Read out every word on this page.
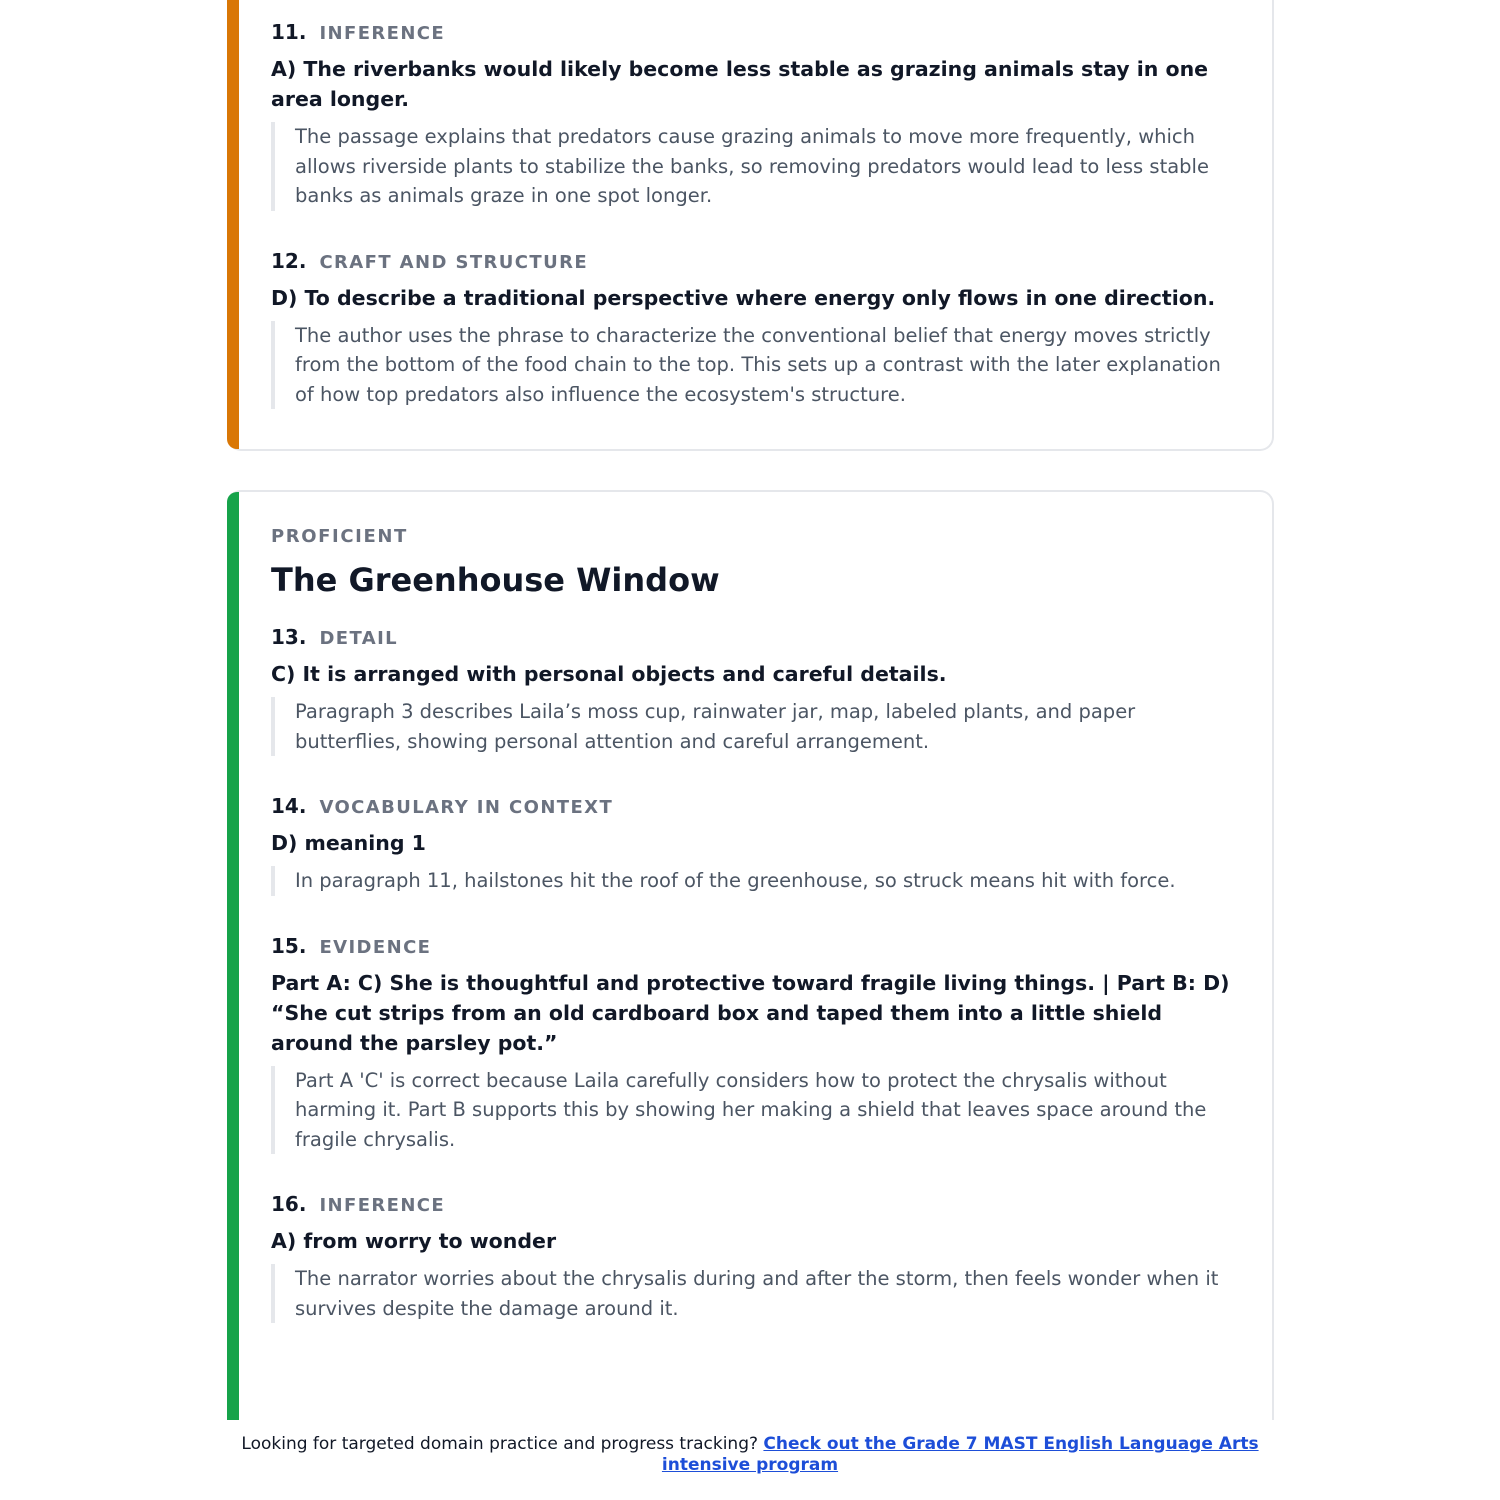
11. INFERENCE
A) The riverbanks would likely become less stable as grazing animals stay in one area longer.
The passage explains that predators cause grazing animals to move more frequently, which allows riverside plants to stabilize the banks, so removing predators would lead to less stable banks as animals graze in one spot longer.
12. CRAFT AND STRUCTURE
D) To describe a traditional perspective where energy only flows in one direction.
The author uses the phrase to characterize the conventional belief that energy moves strictly from the bottom of the food chain to the top. This sets up a contrast with the later explanation of how top predators also influence the ecosystem's structure.
PROFICIENT
The Greenhouse Window
13. DETAIL
C) It is arranged with personal objects and careful details.
Paragraph 3 describes Laila’s moss cup, rainwater jar, map, labeled plants, and paper butterflies, showing personal attention and careful arrangement.
14. VOCABULARY IN CONTEXT
D) meaning 1
In paragraph 11, hailstones hit the roof of the greenhouse, so struck means hit with force.
15. EVIDENCE
Part A: C) She is thoughtful and protective toward fragile living things. | Part B: D) “She cut strips from an old cardboard box and taped them into a little shield around the parsley pot.”
Part A 'C' is correct because Laila carefully considers how to protect the chrysalis without harming it. Part B supports this by showing her making a shield that leaves space around the fragile chrysalis.
16. INFERENCE
A) from worry to wonder
The narrator worries about the chrysalis during and after the storm, then feels wonder when it survives despite the damage around it.
Looking for targeted domain practice and progress tracking? Check out the Grade 7 MAST English Language Arts intensive program
